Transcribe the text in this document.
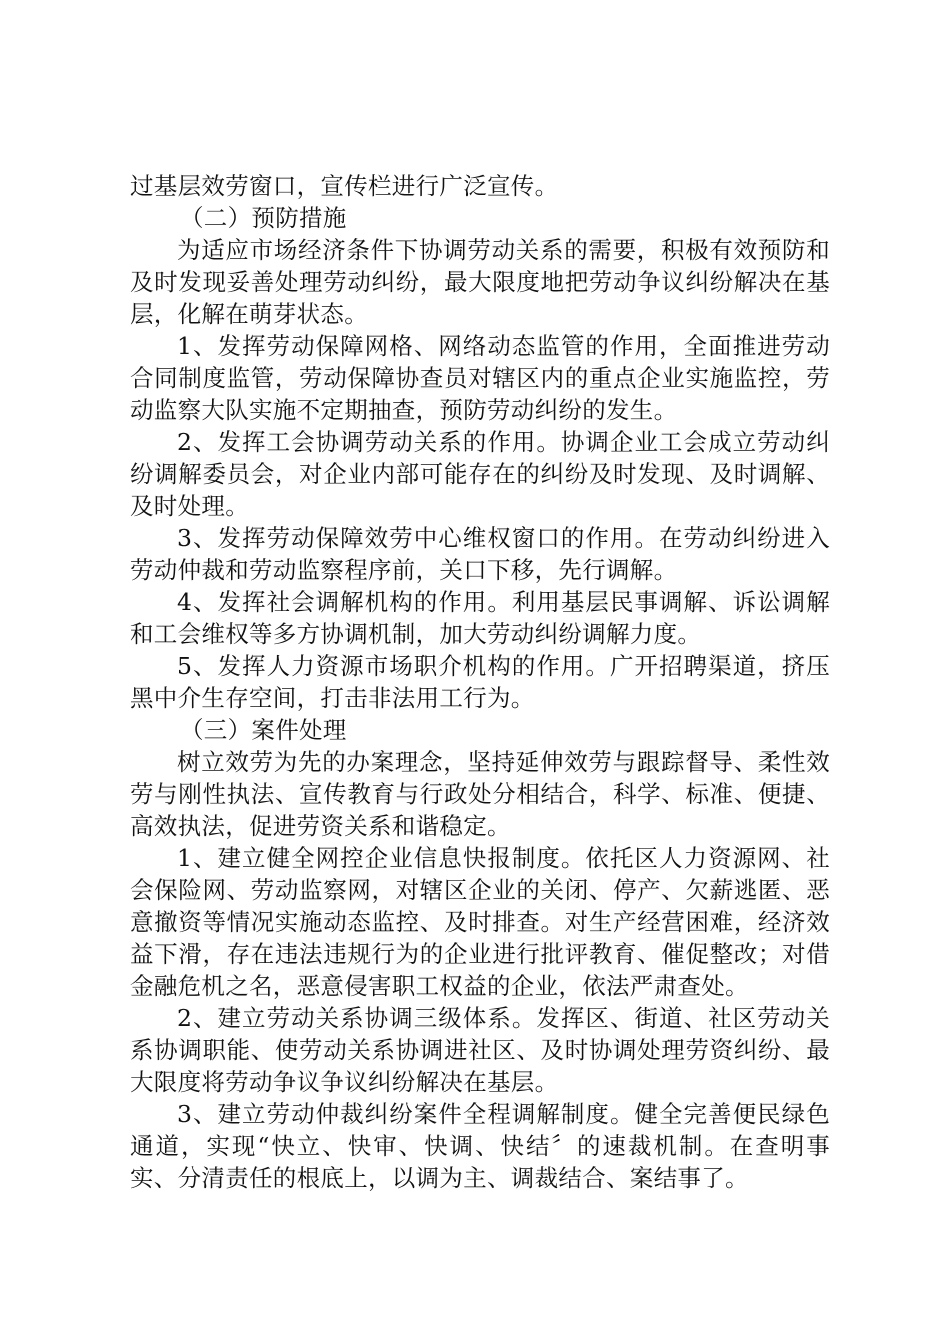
过基层效劳窗口，宣传栏进行广泛宣传。

（二）预防措施

为适应市场经济条件下协调劳动关系的需要，积极有效预防和及时发现妥善处理劳动纠纷，最大限度地把劳动争议纠纷解决在基层，化解在萌芽状态。

1、发挥劳动保障网格、网络动态监管的作用，全面推进劳动合同制度监管，劳动保障协查员对辖区内的重点企业实施监控，劳动监察大队实施不定期抽查，预防劳动纠纷的发生。

2、发挥工会协调劳动关系的作用。协调企业工会成立劳动纠纷调解委员会，对企业内部可能存在的纠纷及时发现、及时调解、及时处理。

3、发挥劳动保障效劳中心维权窗口的作用。在劳动纠纷进入劳动仲裁和劳动监察程序前，关口下移，先行调解。

4、发挥社会调解机构的作用。利用基层民事调解、诉讼调解和工会维权等多方协调机制，加大劳动纠纷调解力度。

5、发挥人力资源市场职介机构的作用。广开招聘渠道，挤压黑中介生存空间，打击非法用工行为。

（三）案件处理

树立效劳为先的办案理念，坚持延伸效劳与跟踪督导、柔性效劳与刚性执法、宣传教育与行政处分相结合，科学、标准、便捷、高效执法，促进劳资关系和谐稳定。

1、建立健全网控企业信息快报制度。依托区人力资源网、社会保险网、劳动监察网，对辖区企业的关闭、停产、欠薪逃匿、恶意撤资等情况实施动态监控、及时排查。对生产经营困难，经济效益下滑，存在违法违规行为的企业进行批评教育、催促整改；对借金融危机之名，恶意侵害职工权益的企业，依法严肃查处。

2、建立劳动关系协调三级体系。发挥区、街道、社区劳动关系协调职能、使劳动关系协调进社区、及时协调处理劳资纠纷、最大限度将劳动争议争议纠纷解决在基层。

3、建立劳动仲裁纠纷案件全程调解制度。健全完善便民绿色通道，实现“快立、快审、快调、快结〞的速裁机制。在查明事实、分清责任的根底上，以调为主、调裁结合、案结事了。
